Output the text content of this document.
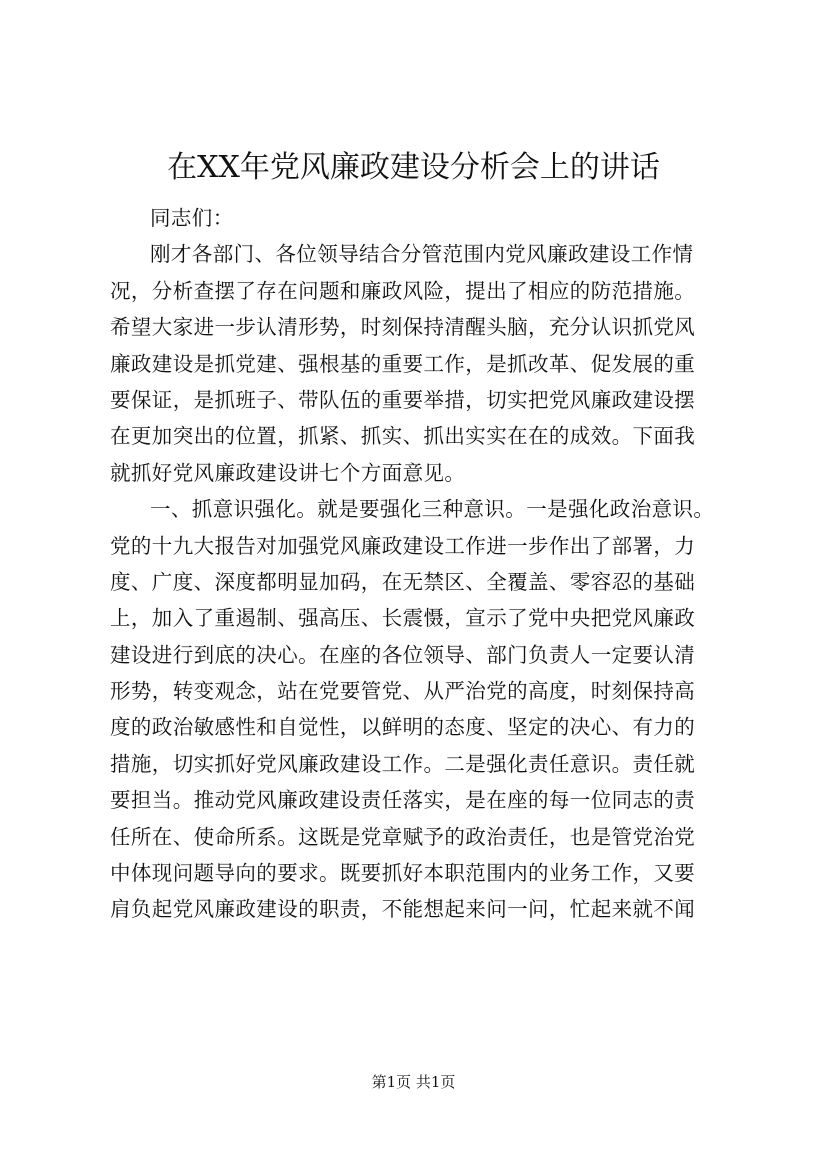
在XX年党风廉政建设分析会上的讲话
同志们：
刚才各部门、各位领导结合分管范围内党风廉政建设工作情
况，分析查摆了存在问题和廉政风险，提出了相应的防范措施。
希望大家进一步认清形势，时刻保持清醒头脑，充分认识抓党风
廉政建设是抓党建、强根基的重要工作，是抓改革、促发展的重
要保证，是抓班子、带队伍的重要举措，切实把党风廉政建设摆
在更加突出的位置，抓紧、抓实、抓出实实在在的成效。下面我
就抓好党风廉政建设讲七个方面意见。
一、抓意识强化。就是要强化三种意识。一是强化政治意识。
党的十九大报告对加强党风廉政建设工作进一步作出了部署，力
度、广度、深度都明显加码，在无禁区、全覆盖、零容忍的基础
上，加入了重遏制、强高压、长震慑，宣示了党中央把党风廉政
建设进行到底的决心。在座的各位领导、部门负责人一定要认清
形势，转变观念，站在党要管党、从严治党的高度，时刻保持高
度的政治敏感性和自觉性，以鲜明的态度、坚定的决心、有力的
措施，切实抓好党风廉政建设工作。二是强化责任意识。责任就
要担当。推动党风廉政建设责任落实，是在座的每一位同志的责
任所在、使命所系。这既是党章赋予的政治责任，也是管党治党
中体现问题导向的要求。既要抓好本职范围内的业务工作，又要
肩负起党风廉政建设的职责，不能想起来问一问，忙起来就不闻
第1页 共1页
